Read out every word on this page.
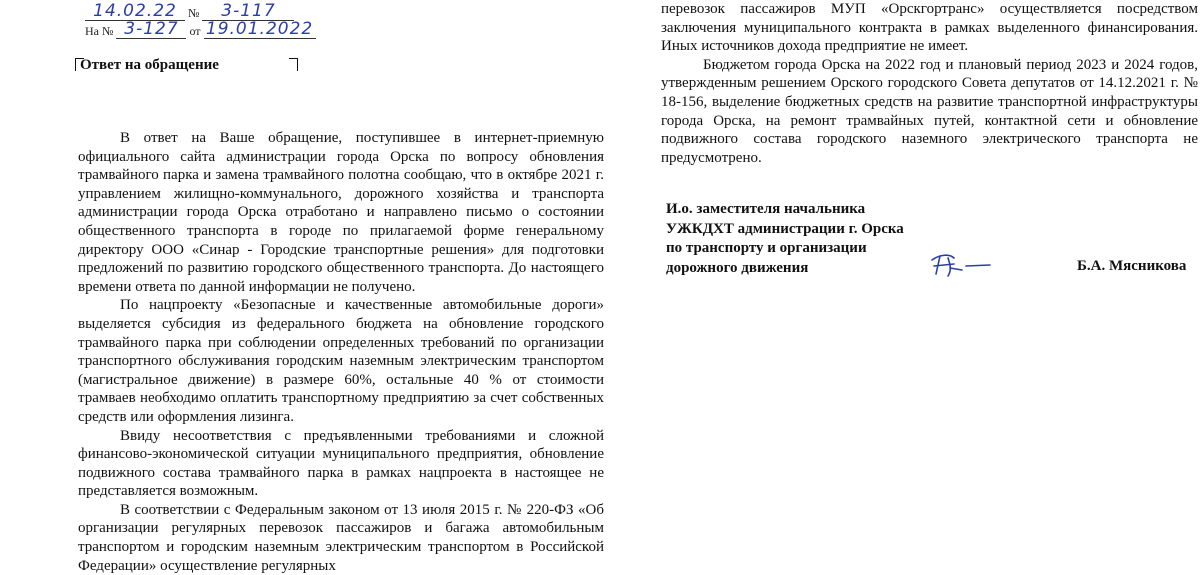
14.02.22 № 3-117
На № 3-127 от 19.01.2022
Ответ на обращение

В ответ на Ваше обращение, поступившее в интернет-приемную официального сайта администрации города Орска по вопросу обновления трамвайного парка и замена трамвайного полотна сообщаю, что в октябре 2021 г. управлением жилищно-коммунального, дорожного хозяйства и транспорта администрации города Орска отработано и направлено письмо о состоянии общественного транспорта в городе по прилагаемой форме генеральному директору ООО «Синар - Городские транспортные решения» для подготовки предложений по развитию городского общественного транспорта. До настоящего времени ответа по данной информации не получено.

По нацпроекту «Безопасные и качественные автомобильные дороги» выделяется субсидия из федерального бюджета на обновление городского трамвайного парка при соблюдении определенных требований по организации транспортного обслуживания городским наземным электрическим транспортом (магистральное движение) в размере 60%, остальные 40 % от стоимости трамваев необходимо оплатить транспортному предприятию за счет собственных средств или оформления лизинга.

Ввиду несоответствия с предъявленными требованиями и сложной финансово-экономической ситуации муниципального предприятия, обновление подвижного состава трамвайного парка в рамках нацпроекта в настоящее не представляется возможным.

В соответствии с Федеральным законом от 13 июля 2015 г. № 220-ФЗ «Об организации регулярных перевозок пассажиров и багажа автомобильным транспортом и городским наземным электрическим транспортом в Российской Федерации» осуществление регулярных

перевозок пассажиров МУП «Орскгортранс» осуществляется посредством заключения муниципального контракта в рамках выделенного финансирования. Иных источников дохода предприятие не имеет.

Бюджетом города Орска на 2022 год и плановый период 2023 и 2024 годов, утвержденным решением Орского городского Совета депутатов от 14.12.2021 г. № 18-156, выделение бюджетных средств на развитие транспортной инфраструктуры города Орска, на ремонт трамвайных путей, контактной сети и обновление подвижного состава городского наземного электрического транспорта не предусмотрено.

И.о. заместителя начальника
УЖКДХТ администрации г. Орска
по транспорту и организации
дорожного движения	Б.А. Мясникова
